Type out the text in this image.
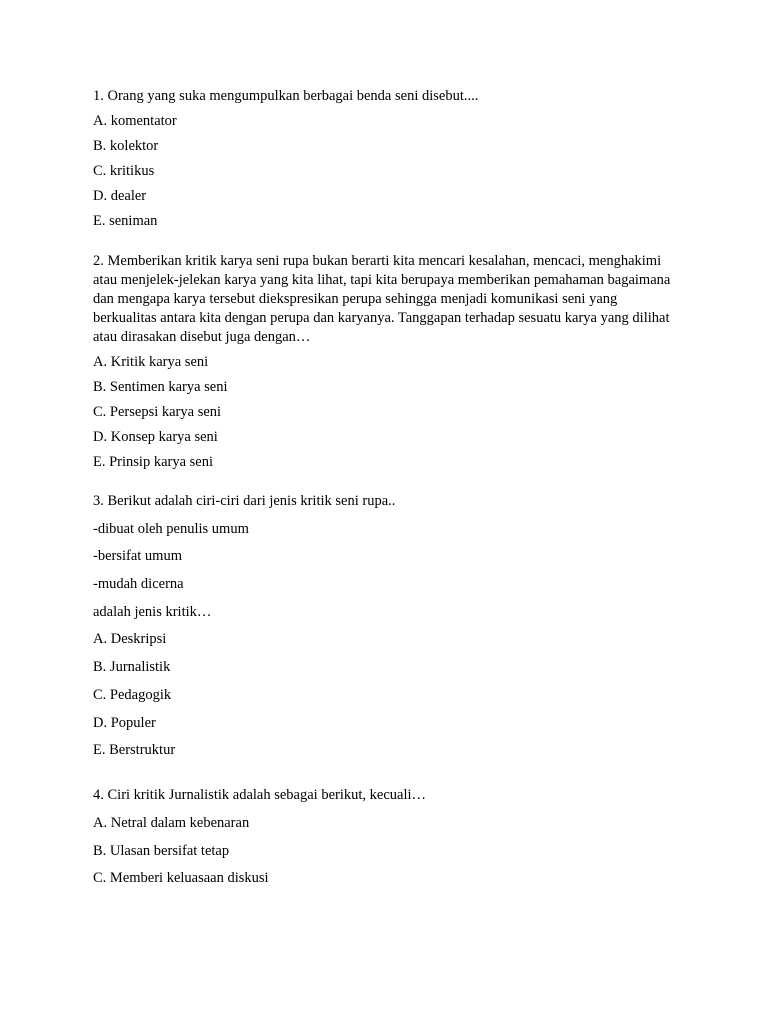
1. Orang yang suka mengumpulkan berbagai benda seni disebut....
A. komentator
B. kolektor
C. kritikus
D. dealer
E. seniman
2. Memberikan kritik karya seni rupa bukan berarti kita mencari kesalahan, mencaci, menghakimi atau menjelek-jelekan karya yang kita lihat, tapi kita berupaya memberikan pemahaman bagaimana dan mengapa karya tersebut diekspresikan perupa sehingga menjadi komunikasi seni yang berkualitas antara kita dengan perupa dan karyanya. Tanggapan terhadap sesuatu karya yang dilihat atau dirasakan disebut juga dengan…
A. Kritik karya seni
B. Sentimen karya seni
C. Persepsi karya seni
D. Konsep karya seni
E. Prinsip karya seni
3. Berikut adalah ciri-ciri dari jenis kritik seni rupa..
-dibuat oleh penulis umum
-bersifat umum
-mudah dicerna
adalah jenis kritik…
A. Deskripsi
B. Jurnalistik
C. Pedagogik
D. Populer
E. Berstruktur
4. Ciri kritik Jurnalistik adalah sebagai berikut, kecuali…
A. Netral dalam kebenaran
B. Ulasan bersifat tetap
C. Memberi keluasaan diskusi
